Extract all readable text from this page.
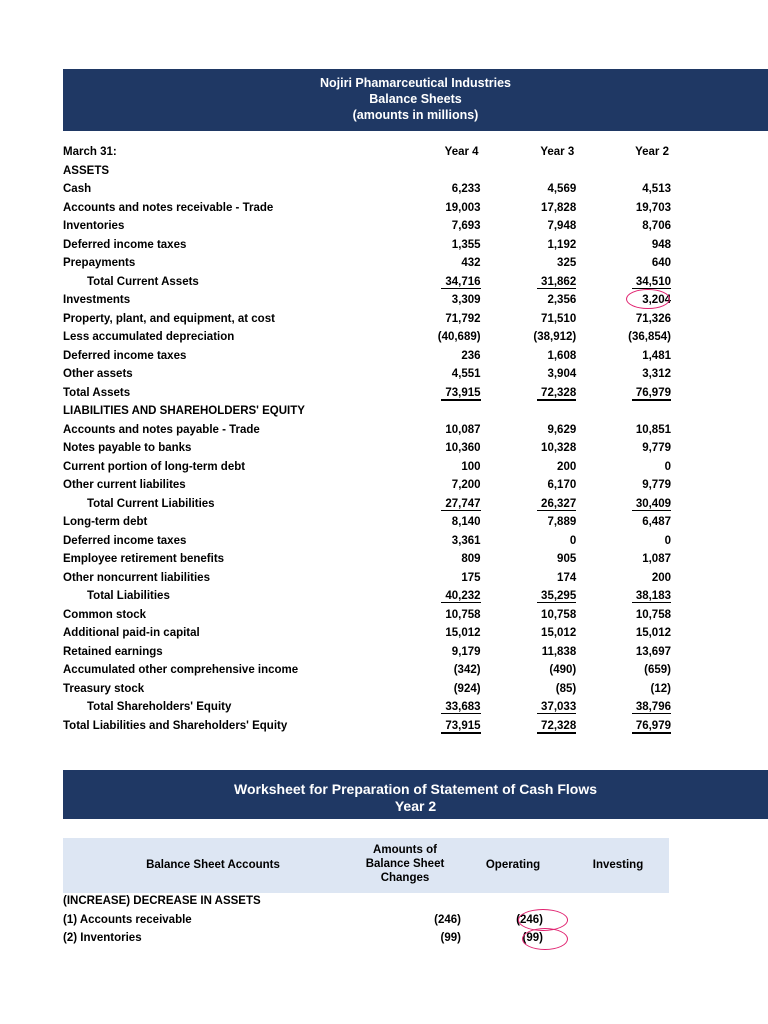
Nojiri Phamarceutical Industries
Balance Sheets
(amounts in millions)
March 31:	Year 4	Year 3	Year 2
ASSETS			
Cash	6,233	4,569	4,513
Accounts and notes receivable - Trade	19,003	17,828	19,703
Inventories	7,693	7,948	8,706
Deferred income taxes	1,355	1,192	948
Prepayments	432	325	640
Total Current Assets	34,716	31,862	34,510
Investments	3,309	2,356	3,204
Property, plant, and equipment, at cost	71,792	71,510	71,326
Less accumulated depreciation	(40,689)	(38,912)	(36,854)
Deferred income taxes	236	1,608	1,481
Other assets	4,551	3,904	3,312
Total Assets	73,915	72,328	76,979
LIABILITIES AND SHAREHOLDERS' EQUITY			
Accounts and notes payable - Trade	10,087	9,629	10,851
Notes payable to banks	10,360	10,328	9,779
Current portion of long-term debt	100	200	0
Other current liabilites	7,200	6,170	9,779
Total Current Liabilities	27,747	26,327	30,409
Long-term debt	8,140	7,889	6,487
Deferred income taxes	3,361	0	0
Employee retirement benefits	809	905	1,087
Other noncurrent liabilities	175	174	200
Total Liabilities	40,232	35,295	38,183
Common stock	10,758	10,758	10,758
Additional paid-in capital	15,012	15,012	15,012
Retained earnings	9,179	11,838	13,697
Accumulated other comprehensive income	(342)	(490)	(659)
Treasury stock	(924)	(85)	(12)
Total Shareholders' Equity	33,683	37,033	38,796
Total Liabilities and Shareholders' Equity	73,915	72,328	76,979
Worksheet for Preparation of Statement of Cash Flows
Year 2
Balance Sheet Accounts
Amounts of
Balance Sheet
Changes
Operating	Investing
(INCREASE) DECREASE IN ASSETS			
(1) Accounts receivable	(246)	(246)	
(2) Inventories	(99)	(99)	
